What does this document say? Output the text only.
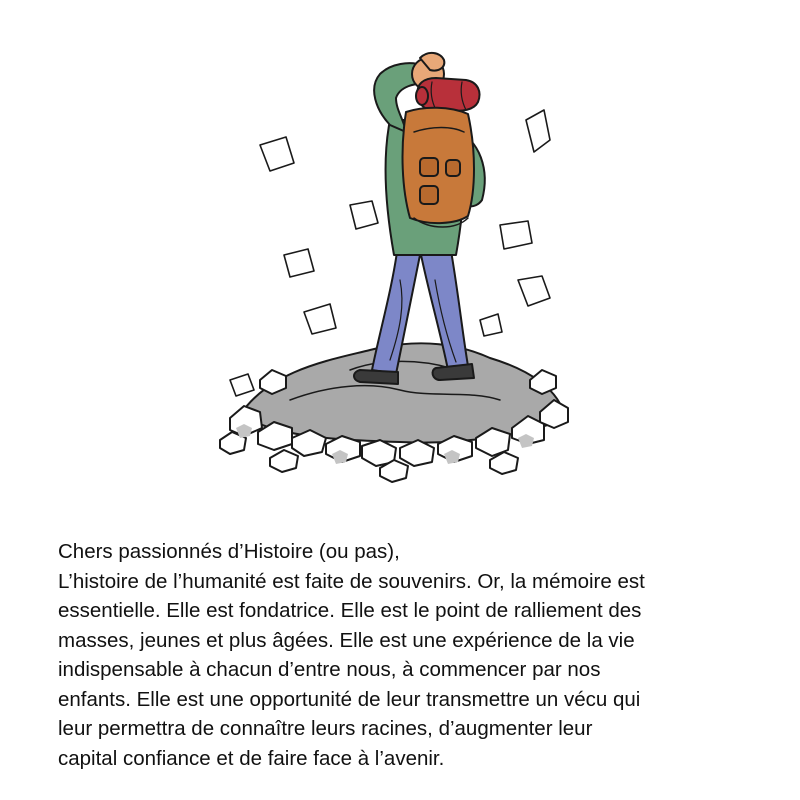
Chers passionnés d’Histoire (ou pas),
L’histoire de l’humanité est faite de souvenirs. Or, la mémoire est
essentielle. Elle est fondatrice. Elle est le point de ralliement des
masses, jeunes et plus âgées. Elle est une expérience de la vie
indispensable à chacun d’entre nous, à commencer par nos
enfants. Elle est une opportunité de leur transmettre un vécu qui
leur permettra de connaître leurs racines, d’augmenter leur
capital confiance et de faire face à l’avenir.
